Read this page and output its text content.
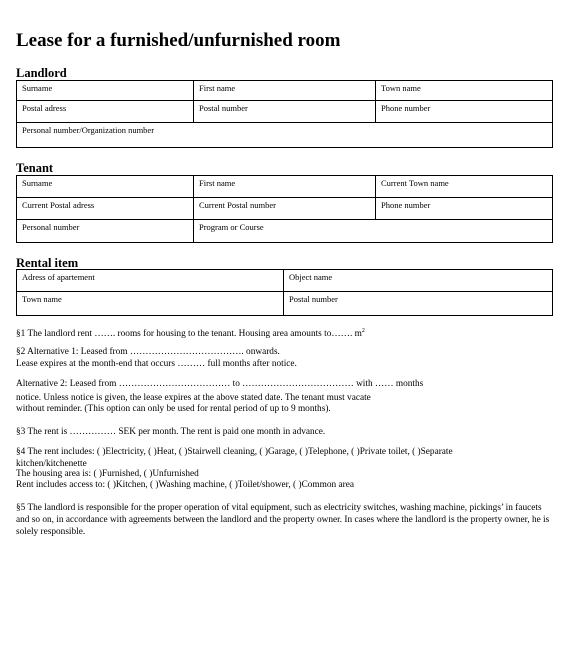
Lease for a furnished/unfurnished room
Landlord
Surname	First name	Town name
Postal adress	Postal number	Phone number
Personal number/Organization number		
Tenant
Surname	First name	Current Town name
Current Postal adress	Current Postal number	Phone number
Personal number	Program or Course	
Rental item
Adress of apartement	Object name
Town name	Postal number
§1 The landlord rent ……. rooms for housing to the tenant. Housing area amounts to……. $m^2$
§2 Alternative 1: Leased from ………………………………. onwards.
Lease expires at the month-end that occurs ……… full months after notice.
Alternative 2: Leased from ……………………………… to ……………………………… with …… months
notice. Unless notice is given, the lease expires at the above stated date. The tenant must vacate
without reminder. (This option can only be used for rental period of up to 9 months).
§3 The rent is …………… SEK per month. The rent is paid one month in advance.
§4 The rent includes: ( )Electricity, ( )Heat, ( )Stairwell cleaning, ( )Garage, ( )Telephone, ( )Private toilet, ( )Separate
kitchen/kitchenette
The housing area is: ( )Furnished, ( )Unfurnished
Rent includes access to: ( )Kitchen, ( )Washing machine, ( )Toilet/shower, ( )Common area
§5 The landlord is responsible for the proper operation of vital equipment, such as electricity switches, washing machine, pickings’ in faucets and so on, in accordance with agreements between the landlord and the property owner. In cases where the landlord is the property owner, he is solely responsible.
